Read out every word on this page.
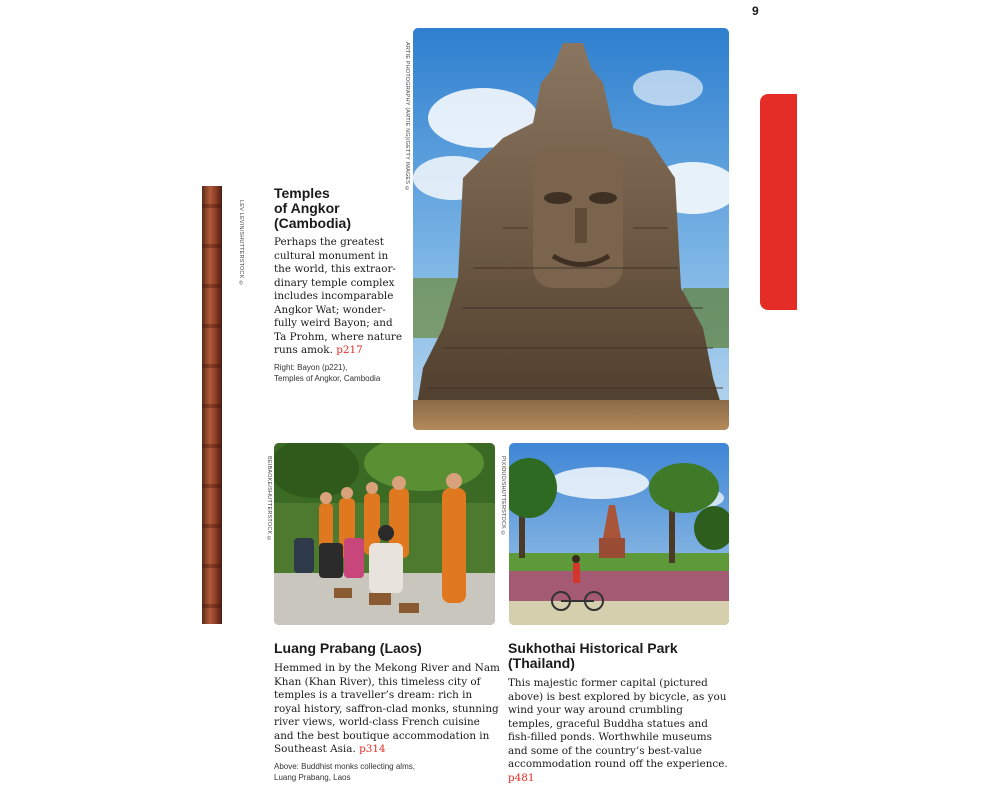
9
LEV LEVIN/SHUTTERSTOCK ©
ARTIE PHOTOGRAPHY (ARTIE NG)/GETTY IMAGES ©
Temples
of Angkor
(Cambodia)

Perhaps the greatest cultural monument in the world, this extraor- dinary temple complex includes incomparable Angkor Wat; wonder- fully weird Bayon; and Ta Prohm, where nature runs amok. p217

Right: Bayon (p221),
Temples of Angkor, Cambodia
BEIBAOKE/SHUTTERSTOCK ©	PIXIDUO/SHUTTERSTOCK ©
Luang Prabang (Laos)

Hemmed in by the Mekong River and Nam Khan (Khan River), this timeless city of temples is a traveller’s dream: rich in royal history, saffron-clad monks, stunning river views, world-class French cuisine and the best boutique accommodation in Southeast Asia. p314

Above: Buddhist monks collecting alms,
Luang Prabang, Laos
Sukhothai Historical Park
(Thailand)

This majestic former capital (pictured above) is best explored by bicycle, as you wind your way around crumbling temples, graceful Buddha statues and fish-filled ponds. Worthwhile museums and some of the country’s best-value accommodation round off the experience. p481
